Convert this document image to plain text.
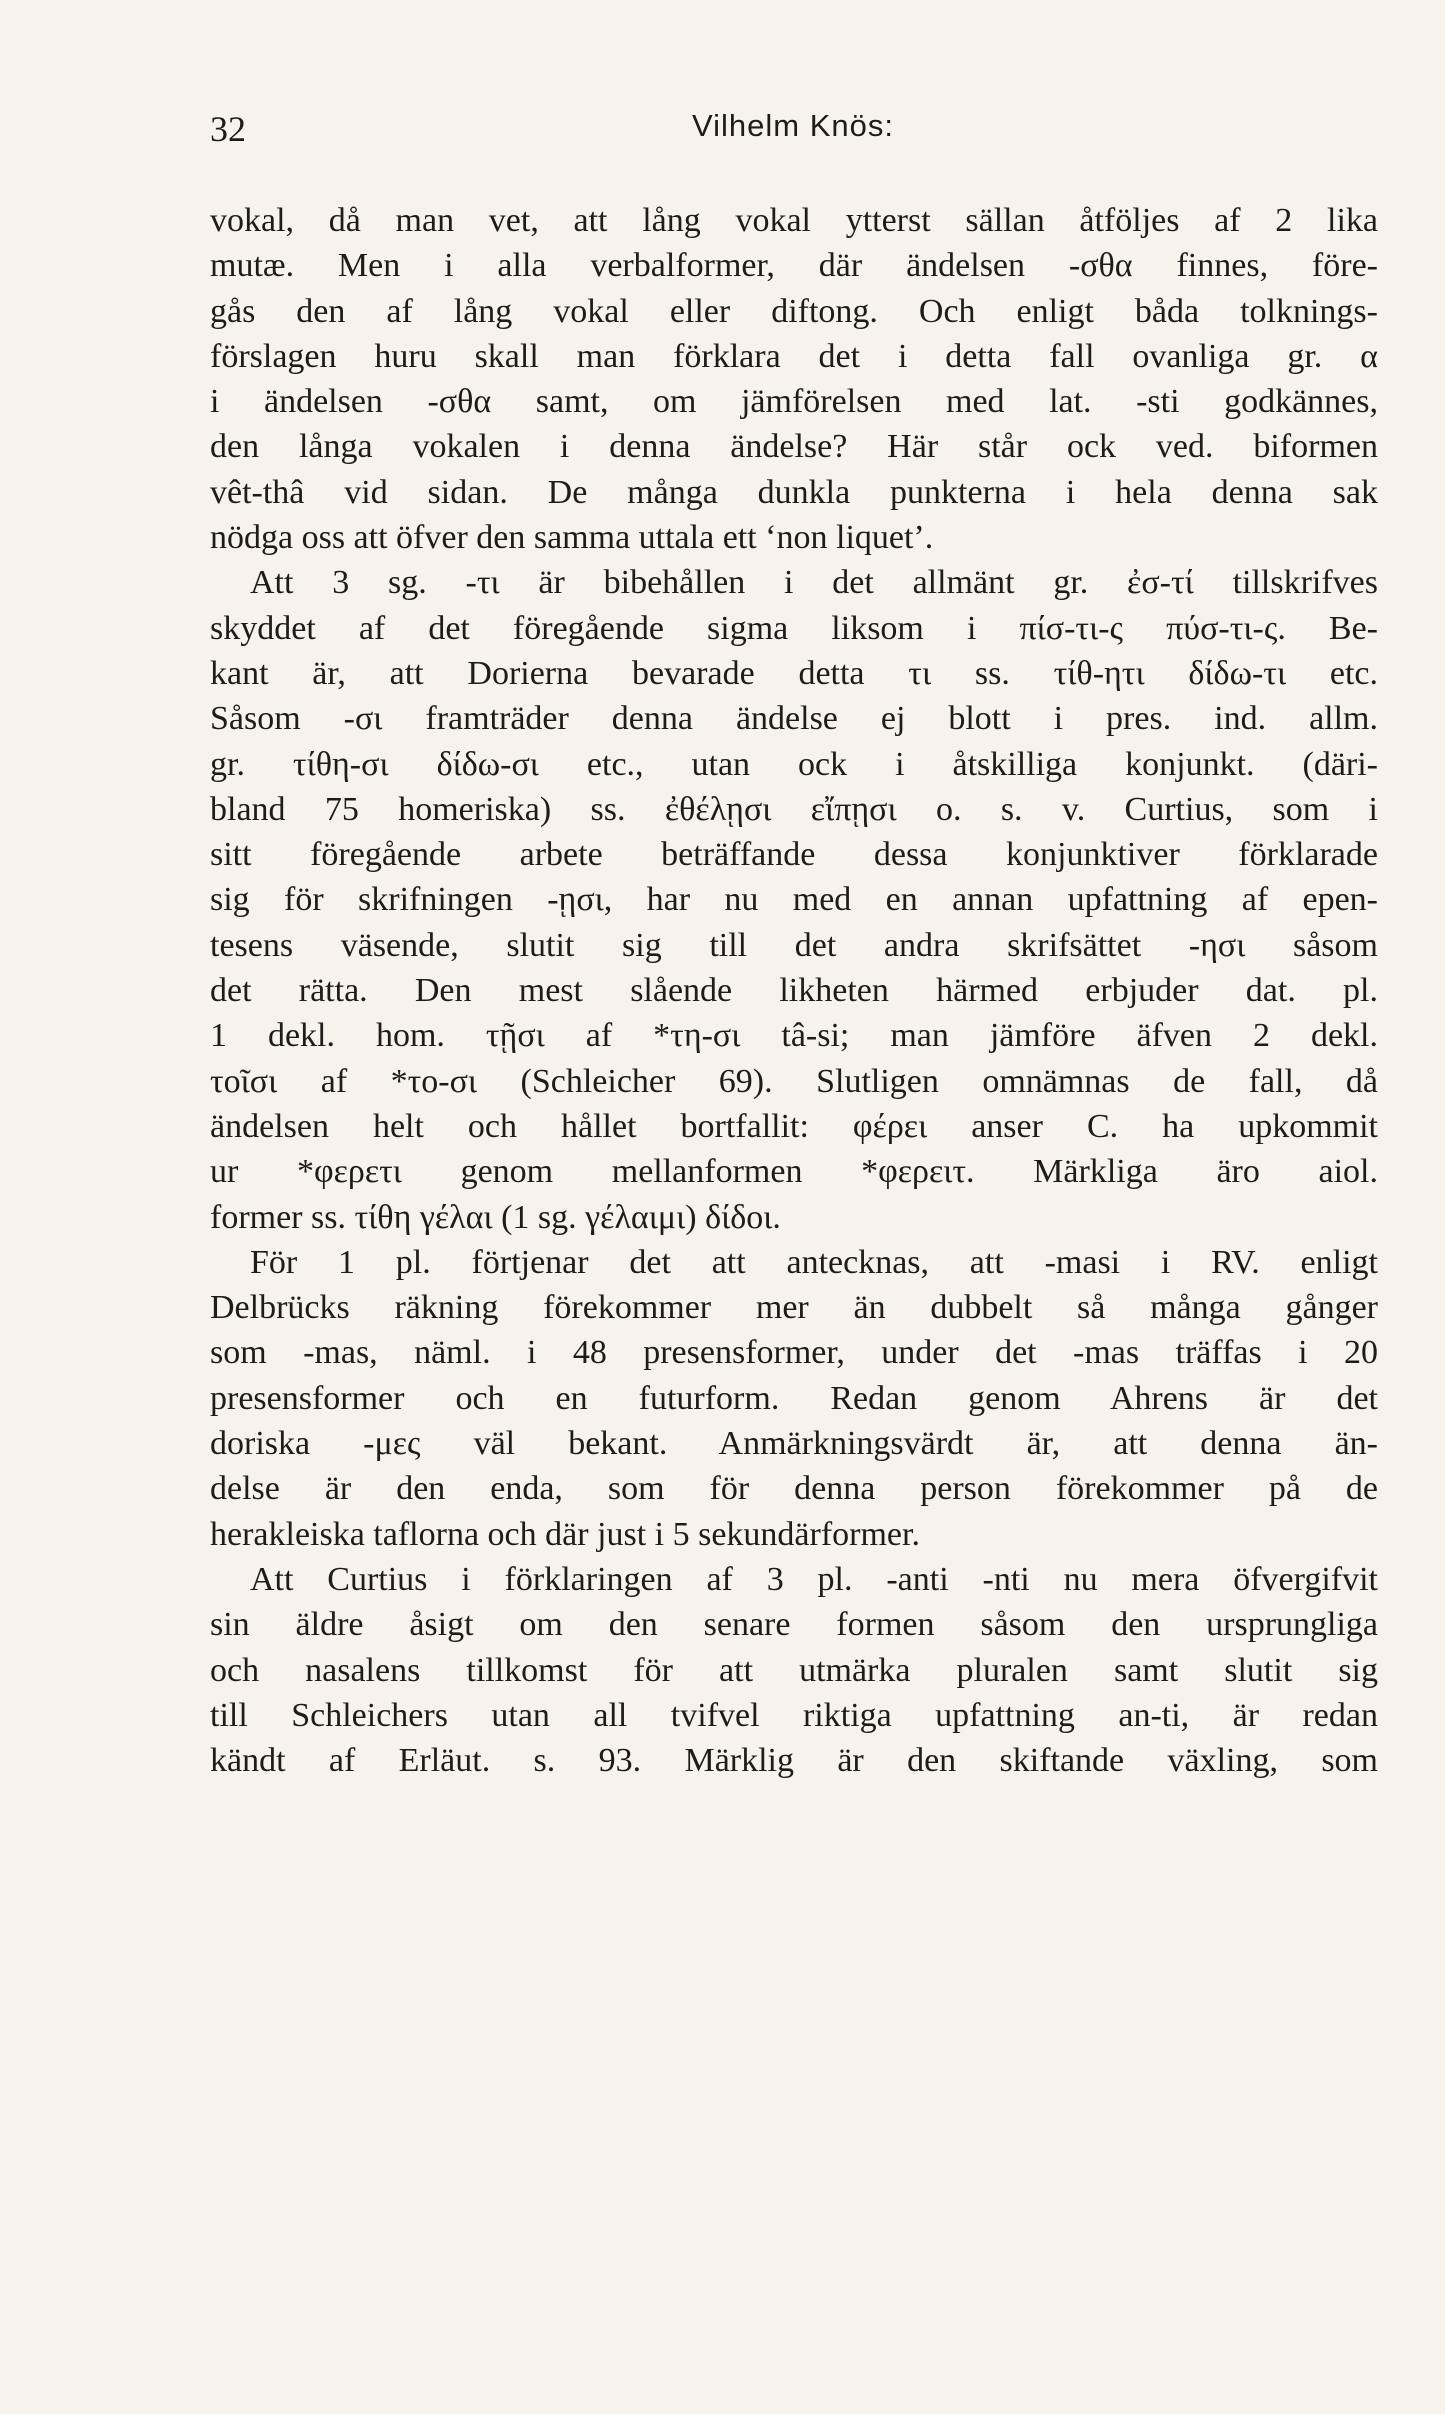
32	Vilhelm Knös:
vokal, då man vet, att lång vokal ytterst sällan åtföljes af 2 lika
mutæ. Men i alla verbalformer, där ändelsen -σθα finnes, före-
gås den af lång vokal eller diftong. Och enligt båda tolknings-
förslagen huru skall man förklara det i detta fall ovanliga gr. α
i ändelsen -σθα samt, om jämförelsen med lat. -sti godkännes,
den långa vokalen i denna ändelse? Här står ock ved. biformen
vêt-thâ vid sidan. De många dunkla punkterna i hela denna sak
nödga oss att öfver den samma uttala ett ‘non liquet’.
Att 3 sg. -τι är bibehållen i det allmänt gr. ἐσ-τί tillskrifves
skyddet af det föregående sigma liksom i πίσ-τι-ς πύσ-τι-ς. Be-
kant är, att Dorierna bevarade detta τι ss. τίθ-ητι δίδω-τι etc.
Såsom -σι framträder denna ändelse ej blott i pres. ind. allm.
gr. τίθη-σι δίδω-σι etc., utan ock i åtskilliga konjunkt. (däri-
bland 75 homeriska) ss. ἐθέλῃσι εἴπῃσι o. s. v. Curtius, som i
sitt föregående arbete beträffande dessa konjunktiver förklarade
sig för skrifningen -ῃσι, har nu med en annan upfattning af epen-
tesens väsende, slutit sig till det andra skrifsättet -ησι såsom
det rätta. Den mest slående likheten härmed erbjuder dat. pl.
1 dekl. hom. τῇσι af *τη-σι tâ-si; man jämföre äfven 2 dekl.
τοῖσι af *το-σι (Schleicher 69). Slutligen omnämnas de fall, då
ändelsen helt och hållet bortfallit: φέρει anser C. ha upkommit
ur *φερετι genom mellanformen *φερειτ. Märkliga äro aiol.
former ss. τίθη γέλαι (1 sg. γέλαιμι) δίδοι.
För 1 pl. förtjenar det att antecknas, att -masi i RV. enligt
Delbrücks räkning förekommer mer än dubbelt så många gånger
som -mas, näml. i 48 presensformer, under det -mas träffas i 20
presensformer och en futurform. Redan genom Ahrens är det
doriska -μες väl bekant. Anmärkningsvärdt är, att denna än-
delse är den enda, som för denna person förekommer på de
herakleiska taflorna och där just i 5 sekundärformer.
Att Curtius i förklaringen af 3 pl. -anti -nti nu mera öfvergifvit
sin äldre åsigt om den senare formen såsom den ursprungliga
och nasalens tillkomst för att utmärka pluralen samt slutit sig
till Schleichers utan all tvifvel riktiga upfattning an-ti, är redan
kändt af Erläut. s. 93. Märklig är den skiftande växling, som
